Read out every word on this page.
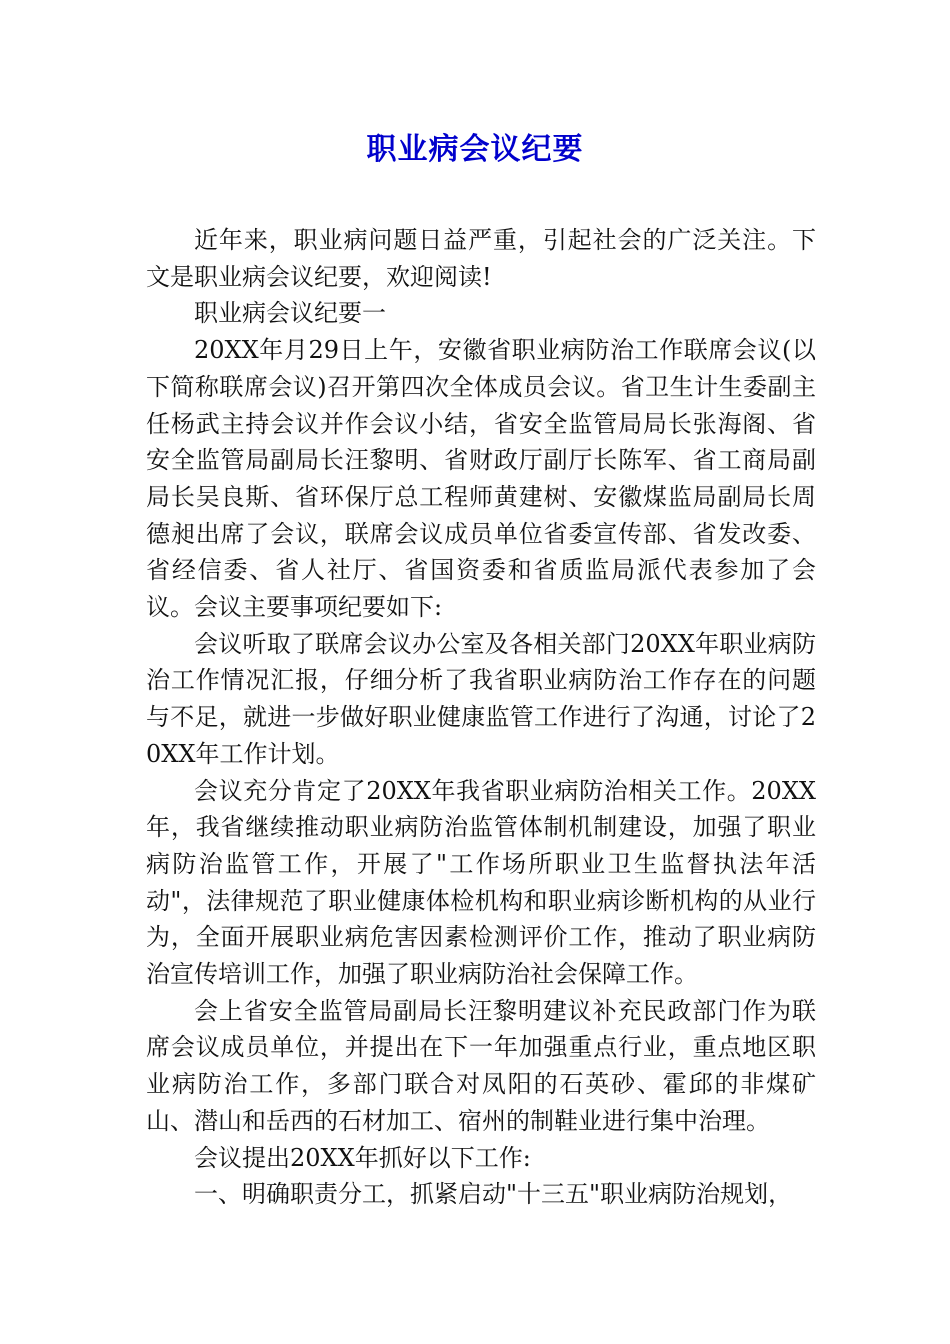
职业病会议纪要

近年来，职业病问题日益严重，引起社会的广泛关注。下文是职业病会议纪要，欢迎阅读!

职业病会议纪要一

20XX年月29日上午，安徽省职业病防治工作联席会议(以下简称联席会议)召开第四次全体成员会议。省卫生计生委副主任杨武主持会议并作会议小结，省安全监管局局长张海阁、省安全监管局副局长汪黎明、省财政厅副厅长陈军、省工商局副局长吴良斯、省环保厅总工程师黄建树、安徽煤监局副局长周德昶出席了会议，联席会议成员单位省委宣传部、省发改委、省经信委、省人社厅、省国资委和省质监局派代表参加了会议。会议主要事项纪要如下:

会议听取了联席会议办公室及各相关部门20XX年职业病防治工作情况汇报，仔细分析了我省职业病防治工作存在的问题与不足，就进一步做好职业健康监管工作进行了沟通，讨论了20XX年工作计划。

会议充分肯定了20XX年我省职业病防治相关工作。20XX年，我省继续推动职业病防治监管体制机制建设，加强了职业病防治监管工作，开展了"工作场所职业卫生监督执法年活动"，法律规范了职业健康体检机构和职业病诊断机构的从业行为，全面开展职业病危害因素检测评价工作，推动了职业病防治宣传培训工作，加强了职业病防治社会保障工作。

会上省安全监管局副局长汪黎明建议补充民政部门作为联席会议成员单位，并提出在下一年加强重点行业，重点地区职业病防治工作，多部门联合对凤阳的石英砂、霍邱的非煤矿山、潜山和岳西的石材加工、宿州的制鞋业进行集中治理。

会议提出20XX年抓好以下工作:

一、明确职责分工，抓紧启动"十三五"职业病防治规划，
